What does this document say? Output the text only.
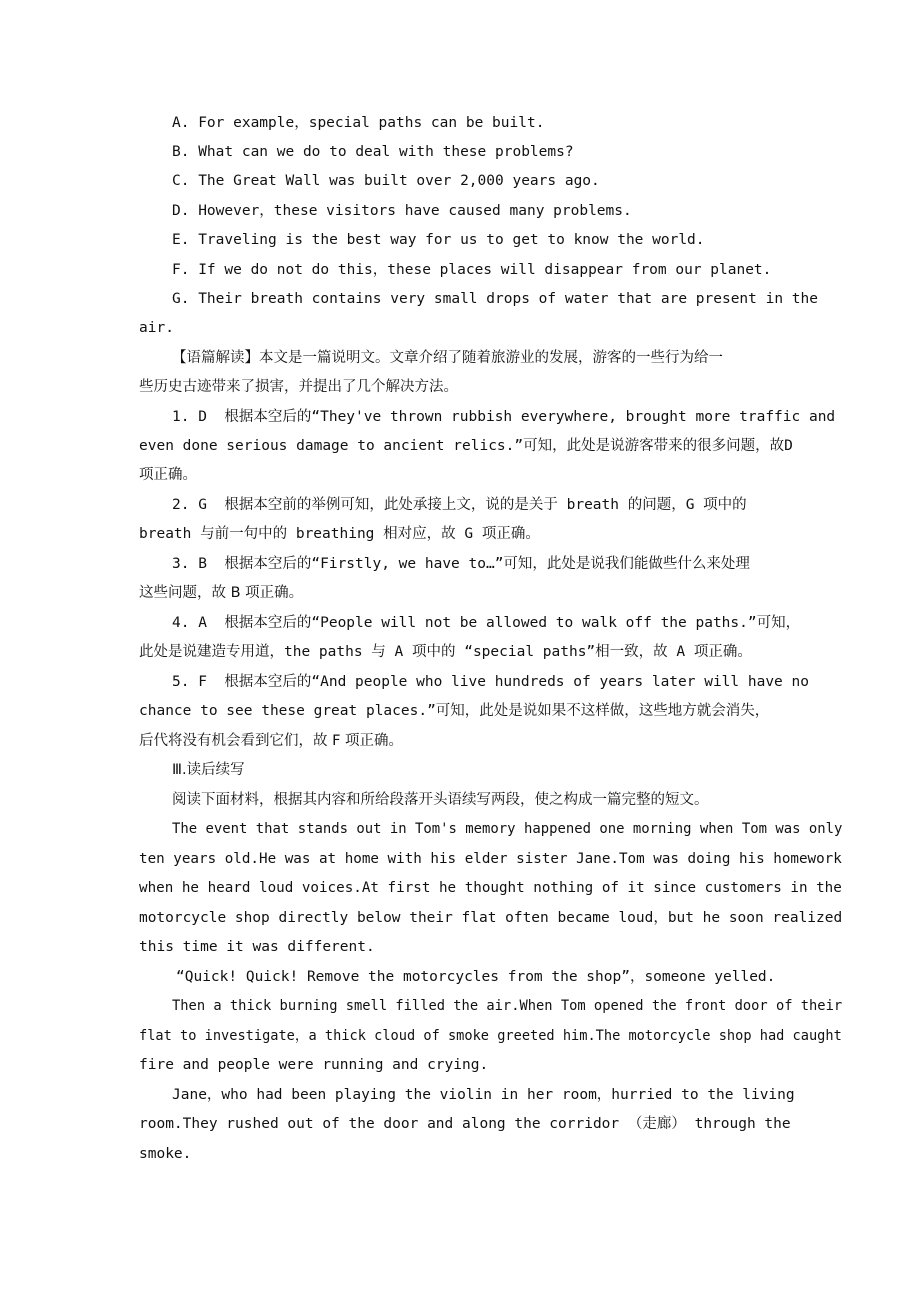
A. For example，special paths can be built.
B. What can we do to deal with these problems?
C. The Great Wall was built over 2,000 years ago.
D. However，these visitors have caused many problems.
E. Traveling is the best way for us to get to know the world.
F. If we do not do this，these places will disappear from our planet.
G. Their breath contains very small drops of water that are present in the
air.
【语篇解读】本文是一篇说明文。文章介绍了随着旅游业的发展，游客的一些行为给一
些历史古迹带来了损害，并提出了几个解决方法。
1. D  根据本空后的“They've thrown rubbish everywhere, brought more traffic and
even done serious damage to ancient relics.”可知，此处是说游客带来的很多问题，故D
项正确。
2. G  根据本空前的举例可知，此处承接上文，说的是关于 breath 的问题，G 项中的
breath 与前一句中的 breathing 相对应，故 G 项正确。
3. B  根据本空后的“Firstly, we have to…”可知，此处是说我们能做些什么来处理
这些问题，故 B 项正确。
4. A  根据本空后的“People will not be allowed to walk off the paths.”可知，
此处是说建造专用道，the paths 与 A 项中的 “special paths”相一致，故 A 项正确。
5. F  根据本空后的“And people who live hundreds of years later will have no
chance to see these great places.”可知，此处是说如果不这样做，这些地方就会消失，
后代将没有机会看到它们，故 F 项正确。
Ⅲ.读后续写
阅读下面材料，根据其内容和所给段落开头语续写两段，使之构成一篇完整的短文。
The event that stands out in Tom's memory happened one morning when Tom was only
ten years old.He was at home with his elder sister Jane.Tom was doing his homework
when he heard loud voices.At first he thought nothing of it since customers in the
motorcycle shop directly below their flat often became loud，but he soon realized
this time it was different.
“Quick! Quick! Remove the motorcycles from the shop”，someone yelled.
Then a thick burning smell filled the air.When Tom opened the front door of their
flat to investigate，a thick cloud of smoke greeted him.The motorcycle shop had caught
fire and people were running and crying.
Jane，who had been playing the violin in her room，hurried to the living
room.They rushed out of the door and along the corridor （走廊） through the
smoke.
